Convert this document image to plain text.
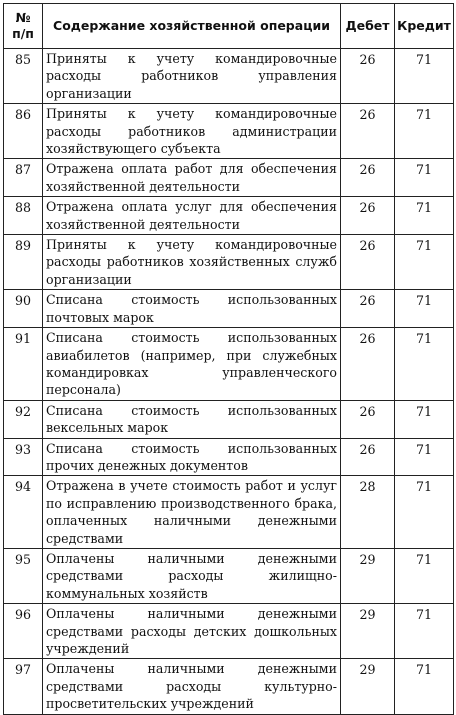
№
п/п	Содержание хозяйственной операции	Дебет	Кредит
85	Приняты к учету командировочные расходы работников управления организации	26	71
86	Приняты к учету командировочные расходы работников администрации хозяйствующего субъекта	26	71
87	Отражена оплата работ для обеспечения хозяйственной деятельности	26	71
88	Отражена оплата услуг для обеспечения хозяйственной деятельности	26	71
89	Приняты к учету командировочные расходы работников хозяйственных служб организации	26	71
90	Списана стоимость использованных почтовых марок	26	71
91	Списана стоимость использованных авиабилетов (например, при служебных командировках управленческого персонала)	26	71
92	Списана стоимость использованных вексельных марок	26	71
93	Списана стоимость использованных прочих денежных документов	26	71
94	Отражена в учете стоимость работ и услуг по исправлению производственного брака, оплаченных наличными денежными средствами	28	71
95	Оплачены наличными денежными средствами расходы жилищно-коммунальных хозяйств	29	71
96	Оплачены наличными денежными средствами расходы детских дошкольных учреждений	29	71
97	Оплачены наличными денежными средствами расходы культурно-просветительских учреждений	29	71
